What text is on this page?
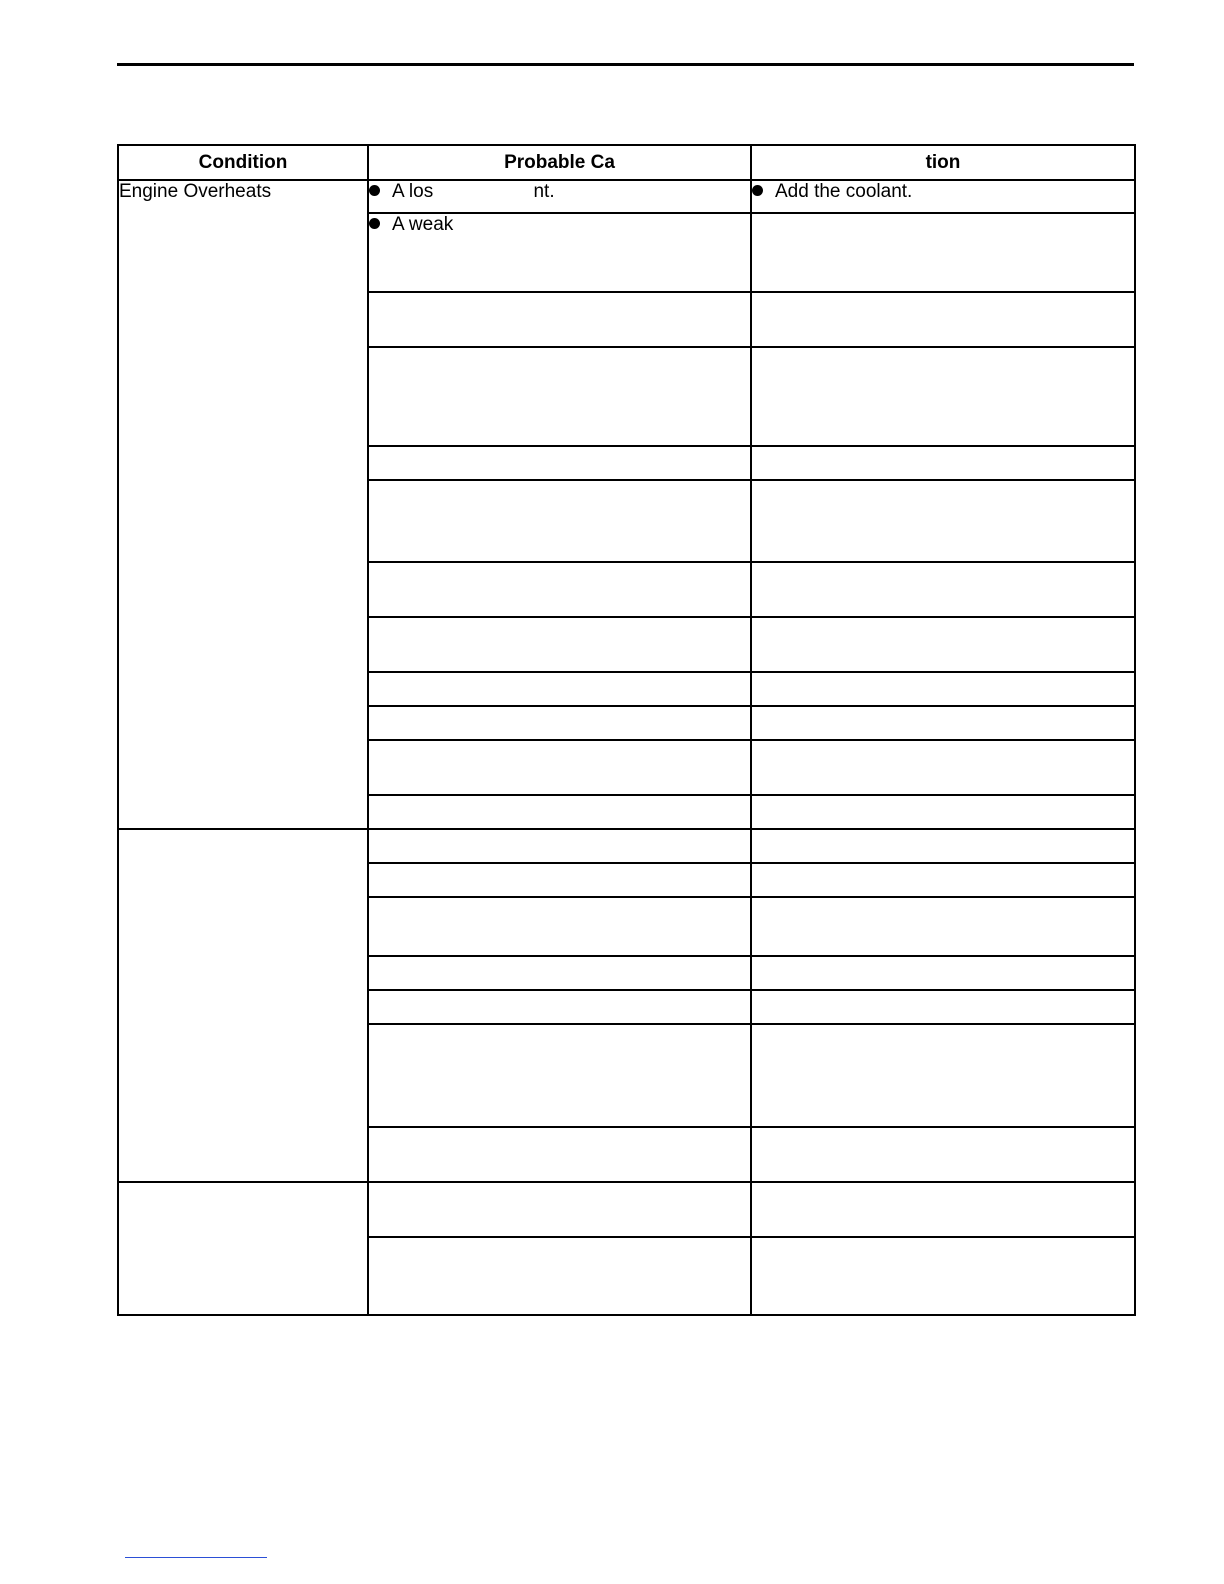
Condition	Probable Ca	tion
Engine Overheats	A los                   nt.	Add the coolant.
	A weak	
